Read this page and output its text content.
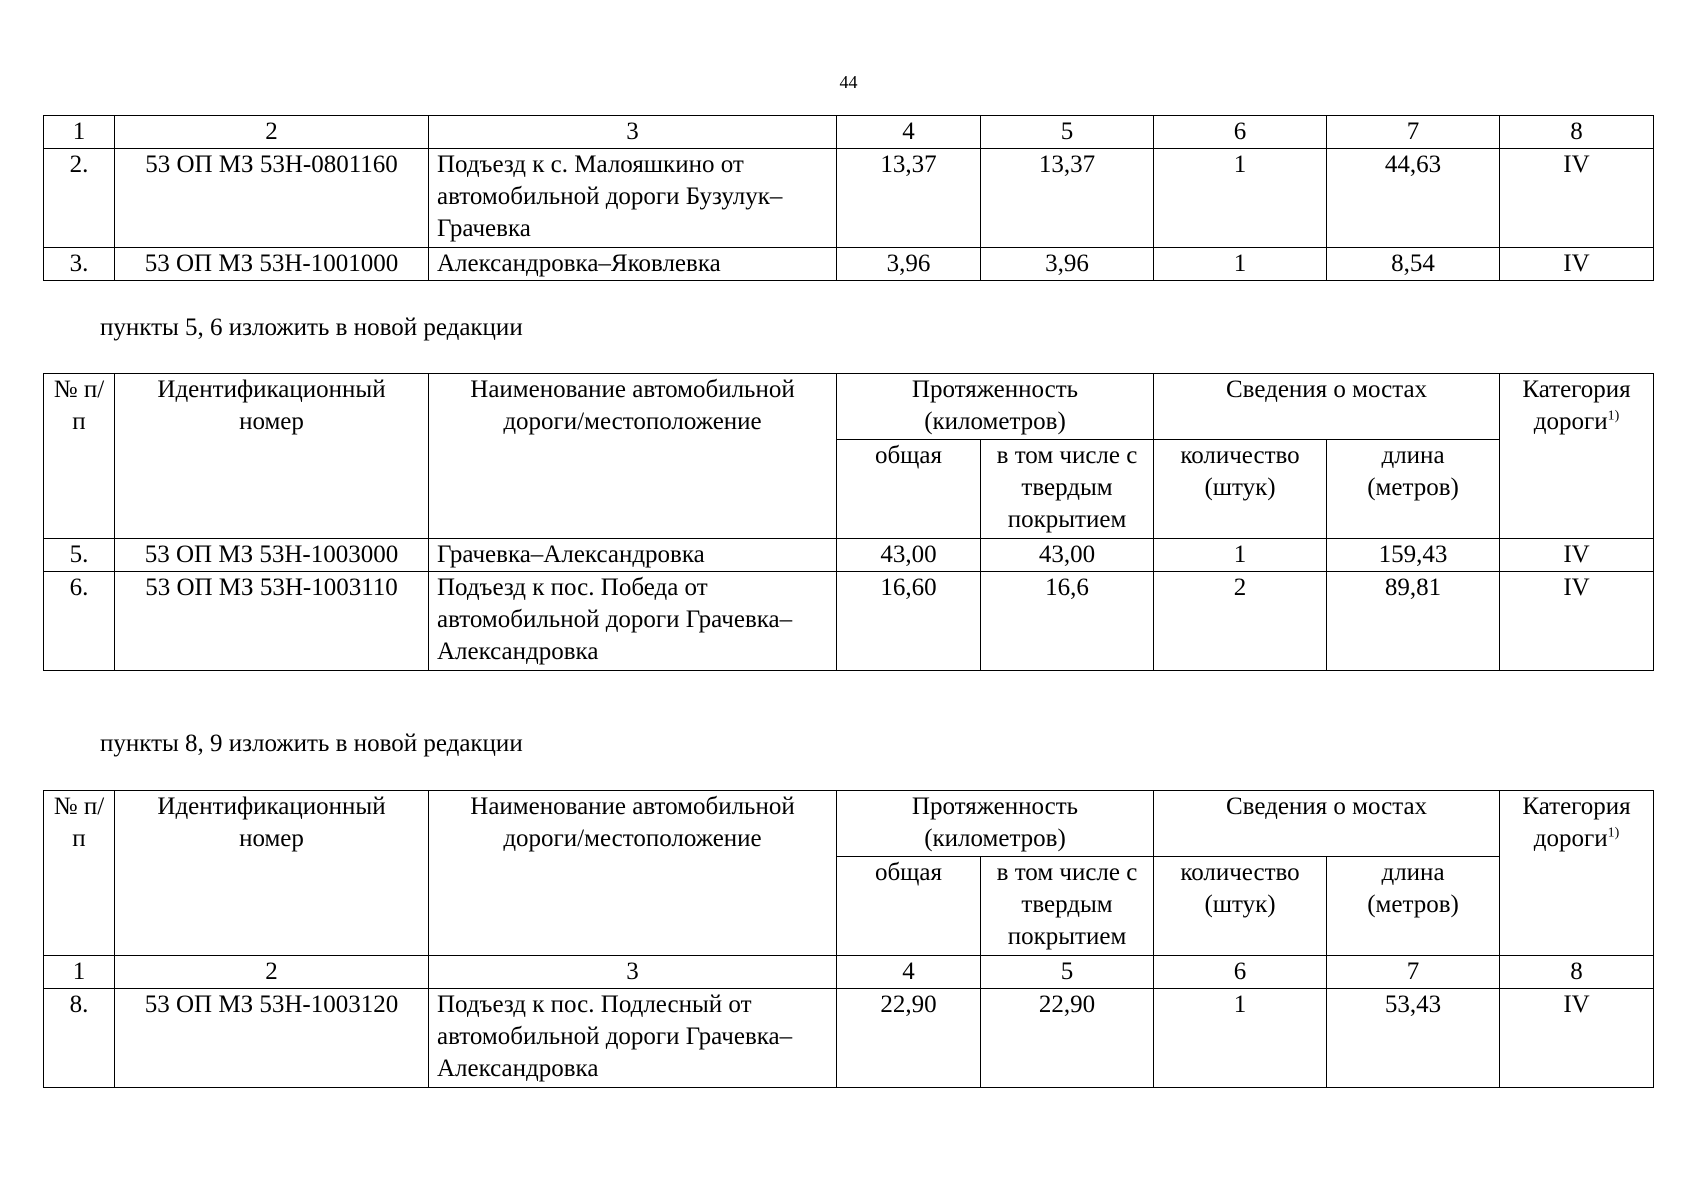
44
1	2	3	4	5	6	7	8
2.	53 ОП МЗ 53Н-0801160	Подъезд к с. Малояшкино от автомобильной дороги Бузулук–Грачевка	13,37	13,37	1	44,63	IV
3.	53 ОП МЗ 53Н-1001000	Александровка–Яковлевка	3,96	3,96	1	8,54	IV
пункты 5, 6 изложить в новой редакции
№ п/п	Идентификационный номер	Наименование автомобильной дороги/местоположение	Протяженность (километров)		Сведения о мостах		Категория дороги$^{1)}$
			общая	в том числе с твердым покрытием	количество (штук)	длина (метров)	
5.	53 ОП МЗ 53Н-1003000	Грачевка–Александровка	43,00	43,00	1	159,43	IV
6.	53 ОП МЗ 53Н-1003110	Подъезд к пос. Победа от автомобильной дороги Грачевка–Александровка	16,60	16,6	2	89,81	IV
пункты 8, 9 изложить в новой редакции
№ п/п	Идентификационный номер	Наименование автомобильной дороги/местоположение	Протяженность (километров)		Сведения о мостах		Категория дороги$^{1)}$
			общая	в том числе с твердым покрытием	количество (штук)	длина (метров)	
1	2	3	4	5	6	7	8
8.	53 ОП МЗ 53Н-1003120	Подъезд к пос. Подлесный от автомобильной дороги Грачевка–Александровка	22,90	22,90	1	53,43	IV
